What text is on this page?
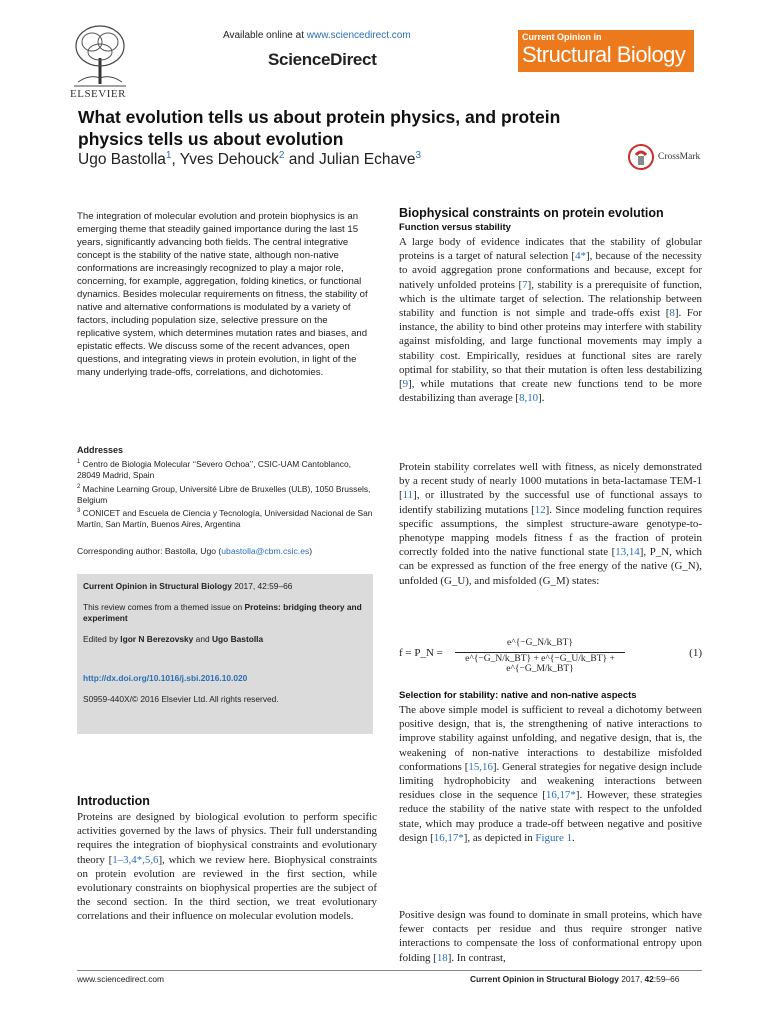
ELSEVIER
Available online at www.sciencedirect.com
ScienceDirect
Current Opinion in
Structural Biology
What evolution tells us about protein physics, and protein physics tells us about evolution
Ugo Bastolla$^1$, Yves Dehouck$^2$ and Julian Echave$^3$	CrossMark
The integration of molecular evolution and protein biophysics is an emerging theme that steadily gained importance during the last 15 years, significantly advancing both fields. The central integrative concept is the stability of the native state, although non-native conformations are increasingly recognized to play a major role, concerning, for example, aggregation, folding kinetics, or functional dynamics. Besides molecular requirements on fitness, the stability of native and alternative conformations is modulated by a variety of factors, including population size, selective pressure on the replicative system, which determines mutation rates and biases, and epistatic effects. We discuss some of the recent advances, open questions, and integrating views in protein evolution, in light of the many underlying trade-offs, correlations, and dichotomies.
Addresses
$^1$ Centro de Biologia Molecular ‘‘Severo Ochoa’’, CSIC-UAM Cantoblanco, 28049 Madrid, Spain
$^2$ Machine Learning Group, Université Libre de Bruxelles (ULB), 1050 Brussels, Belgium
$^3$ CONICET and Escuela de Ciencia y Tecnología, Universidad Nacional de San Martín, San Martín, Buenos Aires, Argentina
Corresponding author: Bastolla, Ugo (ubastolla@cbm.csic.es)
Current Opinion in Structural Biology 2017, 42:59–66
This review comes from a themed issue on Proteins: bridging theory and experiment
Edited by Igor N Berezovsky and Ugo Bastolla
http://dx.doi.org/10.1016/j.sbi.2016.10.020
S0959-440X/© 2016 Elsevier Ltd. All rights reserved.
Introduction
Proteins are designed by biological evolution to perform specific activities governed by the laws of physics. Their full understanding requires the integration of biophysical constraints and evolutionary theory [1–3,4*,5,6], which we review here. Biophysical constraints on protein evolution are reviewed in the first section, while evolutionary constraints on biophysical properties are the subject of the second section. In the third section, we treat evolutionary correlations and their influence on molecular evolution models.
Biophysical constraints on protein evolution
Function versus stability
A large body of evidence indicates that the stability of globular proteins is a target of natural selection [4*], because of the necessity to avoid aggregation prone conformations and because, except for natively unfolded proteins [7], stability is a prerequisite of function, which is the ultimate target of selection. The relationship between stability and function is not simple and trade-offs exist [8]. For instance, the ability to bind other proteins may interfere with stability against misfolding, and large functional movements may imply a stability cost. Empirically, residues at functional sites are rarely optimal for stability, so that their mutation is often less destabilizing [9], while mutations that create new functions tend to be more destabilizing than average [8,10].
Protein stability correlates well with fitness, as nicely demonstrated by a recent study of nearly 1000 mutations in beta-lactamase TEM-1 [11], or illustrated by the successful use of functional assays to identify stabilizing mutations [12]. Since modeling function requires specific assumptions, the simplest structure-aware genotype-to-phenotype mapping models fitness f as the fraction of protein correctly folded into the native functional state [13,14], P_N, which can be expressed as function of the free energy of the native (G_N), unfolded (G_U), and misfolded (G_M) states:
f = P_N =
e^{−G_N/k_BT}
e^{−G_N/k_BT} + e^{−G_U/k_BT} + e^{−G_M/k_BT}
(1)
Selection for stability: native and non-native aspects
The above simple model is sufficient to reveal a dichotomy between positive design, that is, the strengthening of native interactions to improve stability against unfolding, and negative design, that is, the weakening of non-native interactions to destabilize misfolded conformations [15,16]. General strategies for negative design include limiting hydrophobicity and weakening interactions between residues close in the sequence [16,17*]. However, these strategies reduce the stability of the native state with respect to the unfolded state, which may produce a trade-off between negative and positive design [16,17*], as depicted in Figure 1.
Positive design was found to dominate in small proteins, which have fewer contacts per residue and thus require stronger native interactions to compensate the loss of conformational entropy upon folding [18]. In contrast,
www.sciencedirect.com	Current Opinion in Structural Biology 2017, 42:59–66
